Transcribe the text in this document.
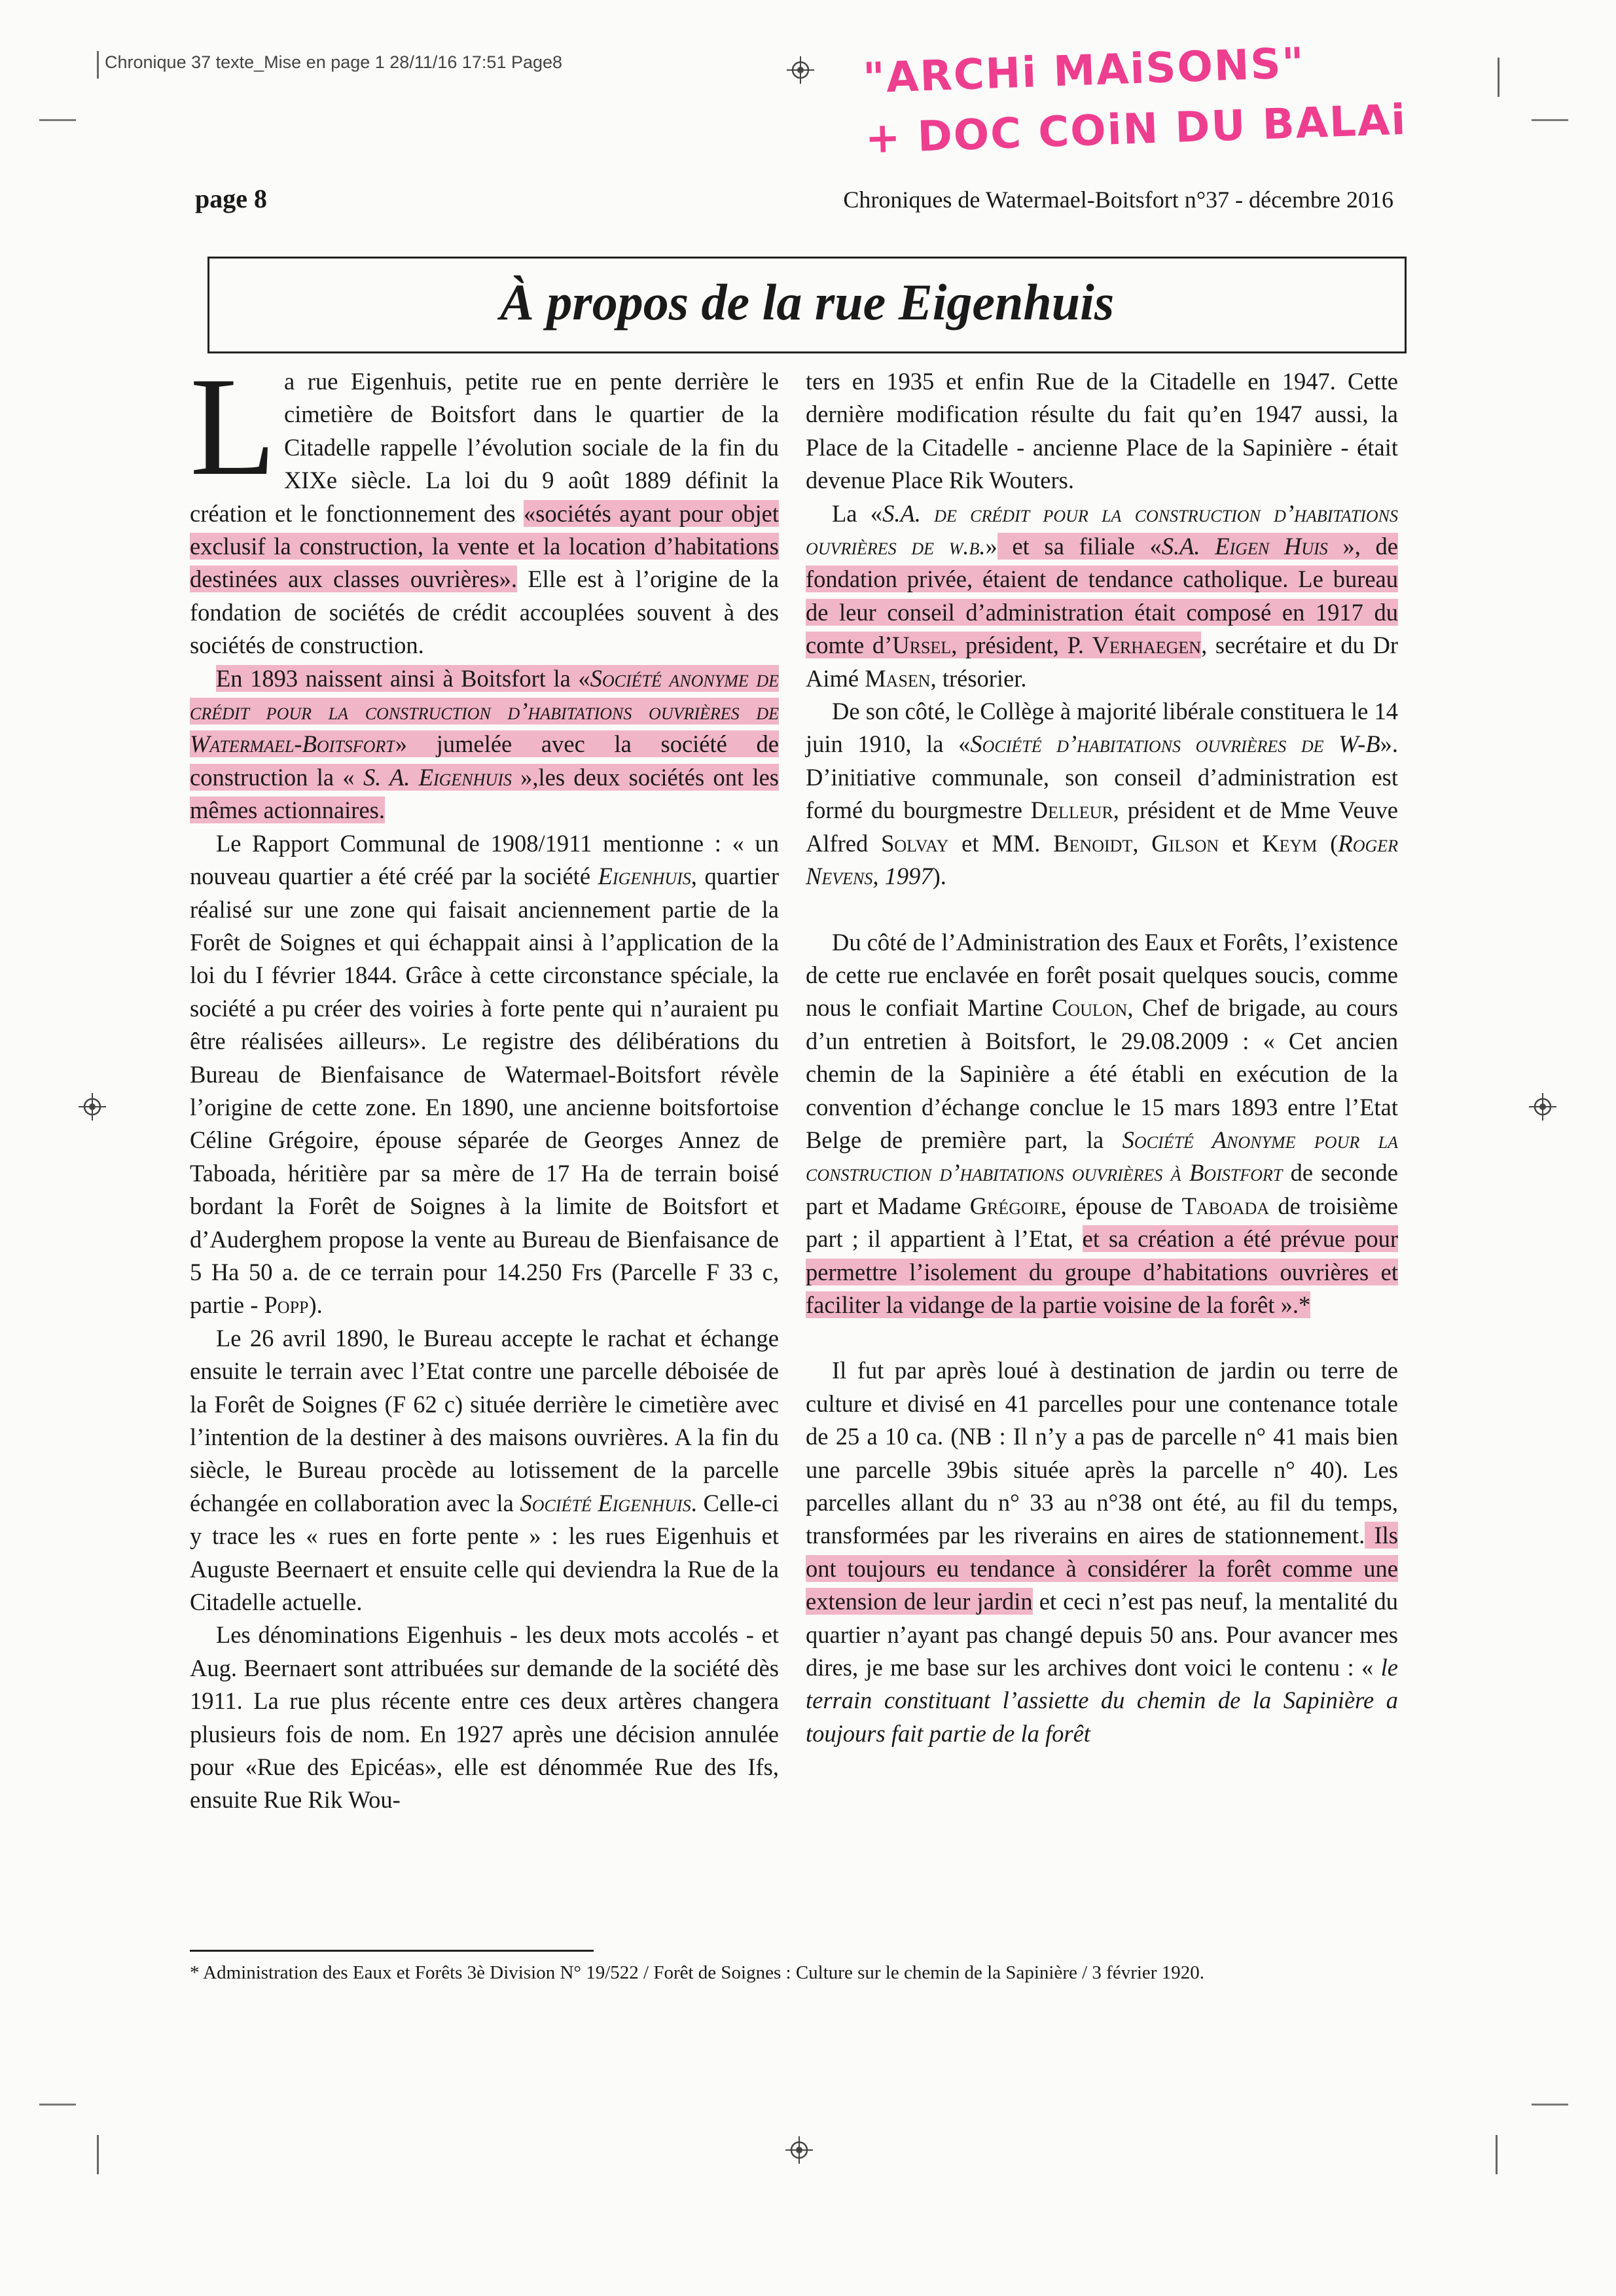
Chronique 37 texte_Mise en page 1 28/11/16 17:51 Page8	"ARCHi MAiSONS"
+ DOC COiN DU BALAi
page 8	Chroniques de Watermael-Boitsfort n°37 - décembre 2016
À propos de la rue Eigenhuis

La rue Eigenhuis, petite rue en pente derrière le cimetière de Boitsfort dans le quartier de la Citadelle rappelle l’évolution sociale de la fin du XIXe siècle. La loi du 9 août 1889 définit la création et le fonctionnement des «sociétés ayant pour objet exclusif la construction, la vente et la location d’habitations destinées aux classes ouvrières». Elle est à l’origine de la fondation de sociétés de crédit accouplées souvent à des sociétés de construction.

En 1893 naissent ainsi à Boitsfort la «Société anonyme de crédit pour la construction d’habitations ouvrières de Watermael-Boitsfort» jumelée avec la société de construction la « S. A. Eigenhuis »,les deux sociétés ont les mêmes actionnaires.

Le Rapport Communal de 1908/1911 mentionne : « un nouveau quartier a été créé par la société Eigenhuis, quartier réalisé sur une zone qui faisait anciennement partie de la Forêt de Soignes et qui échappait ainsi à l’application de la loi du I février 1844. Grâce à cette circonstance spéciale, la société a pu créer des voiries à forte pente qui n’auraient pu être réalisées ailleurs». Le registre des délibérations du Bureau de Bienfaisance de Watermael-Boitsfort révèle l’origine de cette zone. En 1890, une ancienne boitsfortoise Céline Grégoire, épouse séparée de Georges Annez de Taboada, héritière par sa mère de 17 Ha de terrain boisé bordant la Forêt de Soignes à la limite de Boitsfort et d’Auderghem propose la vente au Bureau de Bienfaisance de 5 Ha 50 a. de ce terrain pour 14.250 Frs (Parcelle F 33 c, partie - Popp).

Le 26 avril 1890, le Bureau accepte le rachat et échange ensuite le terrain avec l’Etat contre une parcelle déboisée de la Forêt de Soignes (F 62 c) située derrière le cimetière avec l’intention de la destiner à des maisons ouvrières. A la fin du siècle, le Bureau procède au lotissement de la parcelle échangée en collaboration avec la Société Eigenhuis. Celle-ci y trace les « rues en forte pente » : les rues Eigenhuis et Auguste Beernaert et ensuite celle qui deviendra la Rue de la Citadelle actuelle.

Les dénominations Eigenhuis - les deux mots accolés - et Aug. Beernaert sont attribuées sur demande de la société dès 1911. La rue plus récente entre ces deux artères changera plusieurs fois de nom. En 1927 après une décision annulée pour «Rue des Epicéas», elle est dénommée Rue des Ifs, ensuite Rue Rik Wou-

ters en 1935 et enfin Rue de la Citadelle en 1947. Cette dernière modification résulte du fait qu’en 1947 aussi, la Place de la Citadelle - ancienne Place de la Sapinière - était devenue Place Rik Wouters.

La «S.A. de crédit pour la construction d’habitations ouvrières de w.b.» et sa filiale «S.A. Eigen Huis », de fondation privée, étaient de tendance catholique. Le bureau de leur conseil d’administration était composé en 1917 du comte d’Ursel, président, P. Verhaegen, secrétaire et du Dr Aimé Masen, trésorier.

De son côté, le Collège à majorité libérale constituera le 14 juin 1910, la «Société d’habitations ouvrières de W-B». D’initiative communale, son conseil d’administration est formé du bourgmestre Delleur, président et de Mme Veuve Alfred Solvay et MM. Benoidt, Gilson et Keym (Roger Nevens, 1997).

Du côté de l’Administration des Eaux et Forêts, l’existence de cette rue enclavée en forêt posait quelques soucis, comme nous le confiait Martine Coulon, Chef de brigade, au cours d’un entretien à Boitsfort, le 29.08.2009 : « Cet ancien chemin de la Sapinière a été établi en exécution de la convention d’échange conclue le 15 mars 1893 entre l’Etat Belge de première part, la Société Anonyme pour la construction d’habitations ouvrières à Boistfort de seconde part et Madame Grégoire, épouse de Taboada de troisième part ; il appartient à l’Etat, et sa création a été prévue pour permettre l’isolement du groupe d’habitations ouvrières et faciliter la vidange de la partie voisine de la forêt ».*

Il fut par après loué à destination de jardin ou terre de culture et divisé en 41 parcelles pour une contenance totale de 25 a 10 ca. (NB : Il n’y a pas de parcelle n° 41 mais bien une parcelle 39bis située après la parcelle n° 40). Les parcelles allant du n° 33 au n°38 ont été, au fil du temps, transformées par les riverains en aires de stationnement. Ils ont toujours eu tendance à considérer la forêt comme une extension de leur jardin et ceci n’est pas neuf, la mentalité du quartier n’ayant pas changé depuis 50 ans. Pour avancer mes dires, je me base sur les archives dont voici le contenu : « le terrain constituant l’assiette du chemin de la Sapinière a toujours fait partie de la forêt

* Administration des Eaux et Forêts 3è Division N° 19/522 / Forêt de Soignes : Culture sur le chemin de la Sapinière / 3 février 1920.
